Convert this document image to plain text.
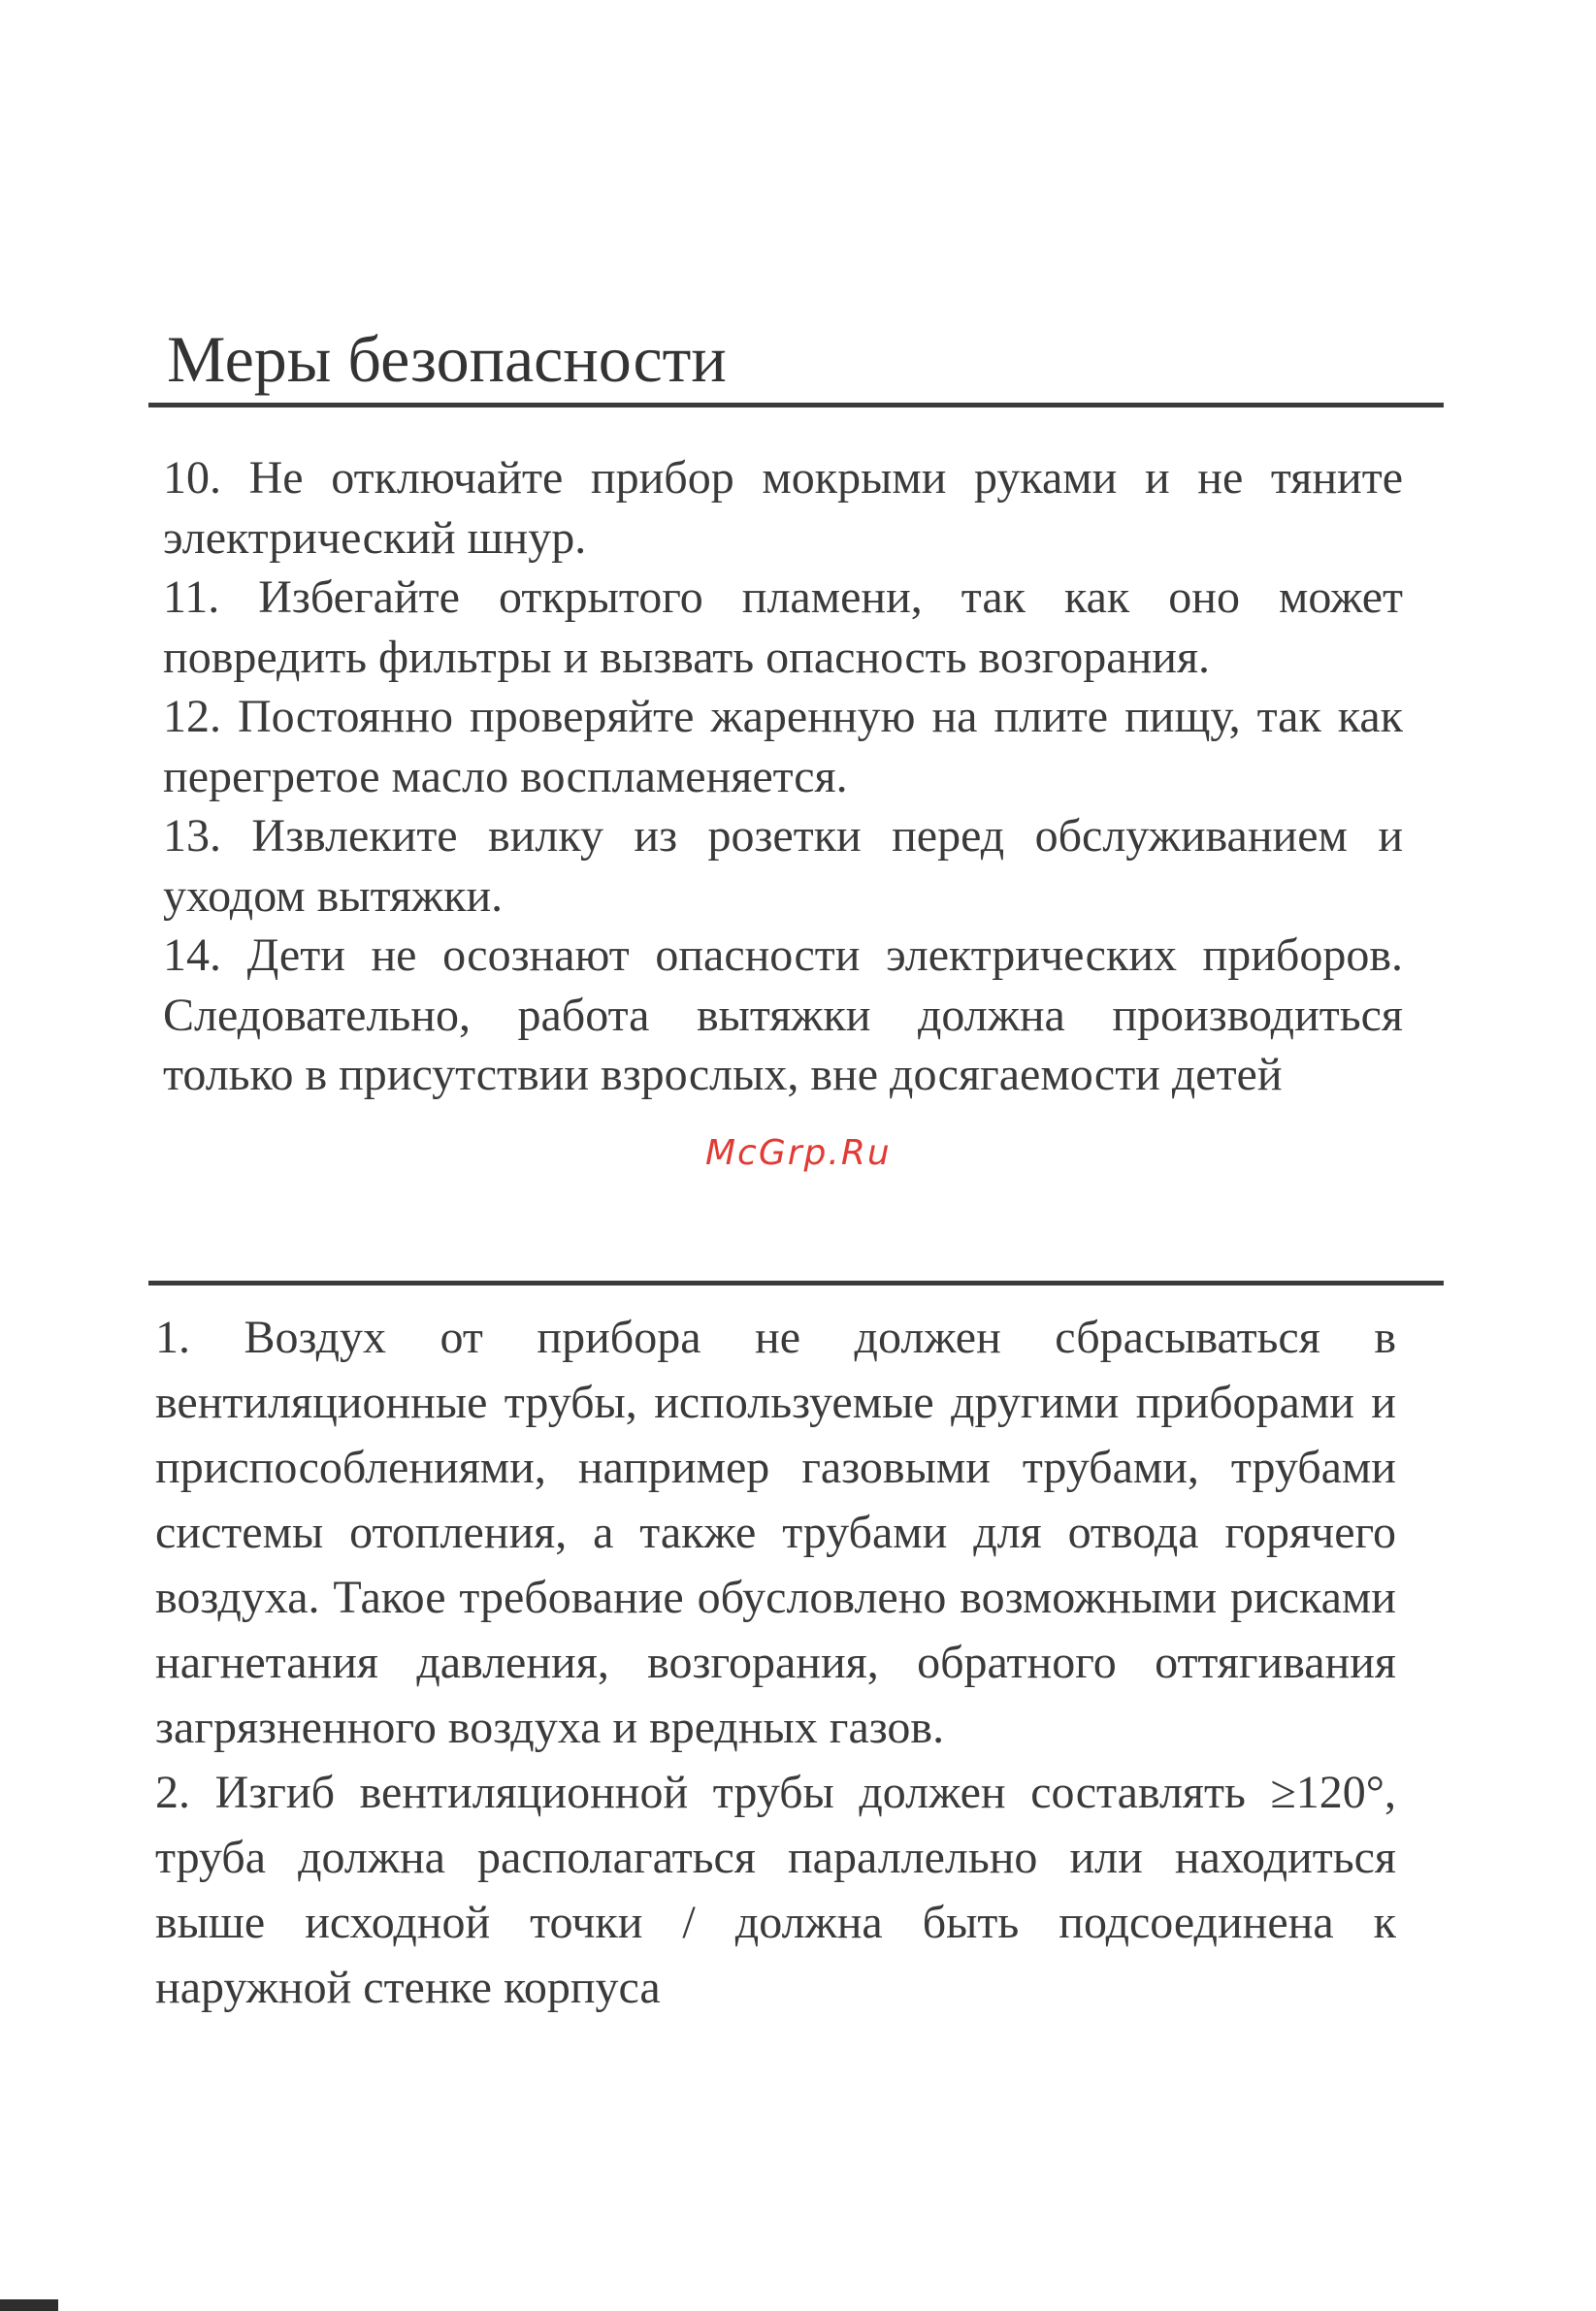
Меры безопасности

10. Не отключайте прибор мокрыми руками и не тяните электрический шнур.

11. Избегайте открытого пламени, так как оно может повредить фильтры и вызвать опасность возгорания.

12. Постоянно проверяйте жаренную на плите пищу, так как перегретое масло воспламеняется.

13. Извлеките вилку из розетки перед обслуживанием и уходом вытяжки.

14. Дети не осознают опасности электрических приборов. Следовательно, работа вытяжки должна производиться только в присутствии взрослых, вне досягаемости детей

McGrp.Ru

1. Воздух от прибора не должен сбрасываться в вентиляционные трубы, используемые другими приборами и приспособлениями, например газовыми трубами, трубами системы отопления, а также трубами для отвода горячего воздуха. Такое требование обусловлено возможными рисками нагнетания давления, возгорания, обратного оттягивания загрязненного воздуха и вредных газов.

2. Изгиб вентиляционной трубы должен составлять ≥120°, труба должна располагаться параллельно или находиться выше исходной точки / должна быть подсоединена к наружной стенке корпуса
